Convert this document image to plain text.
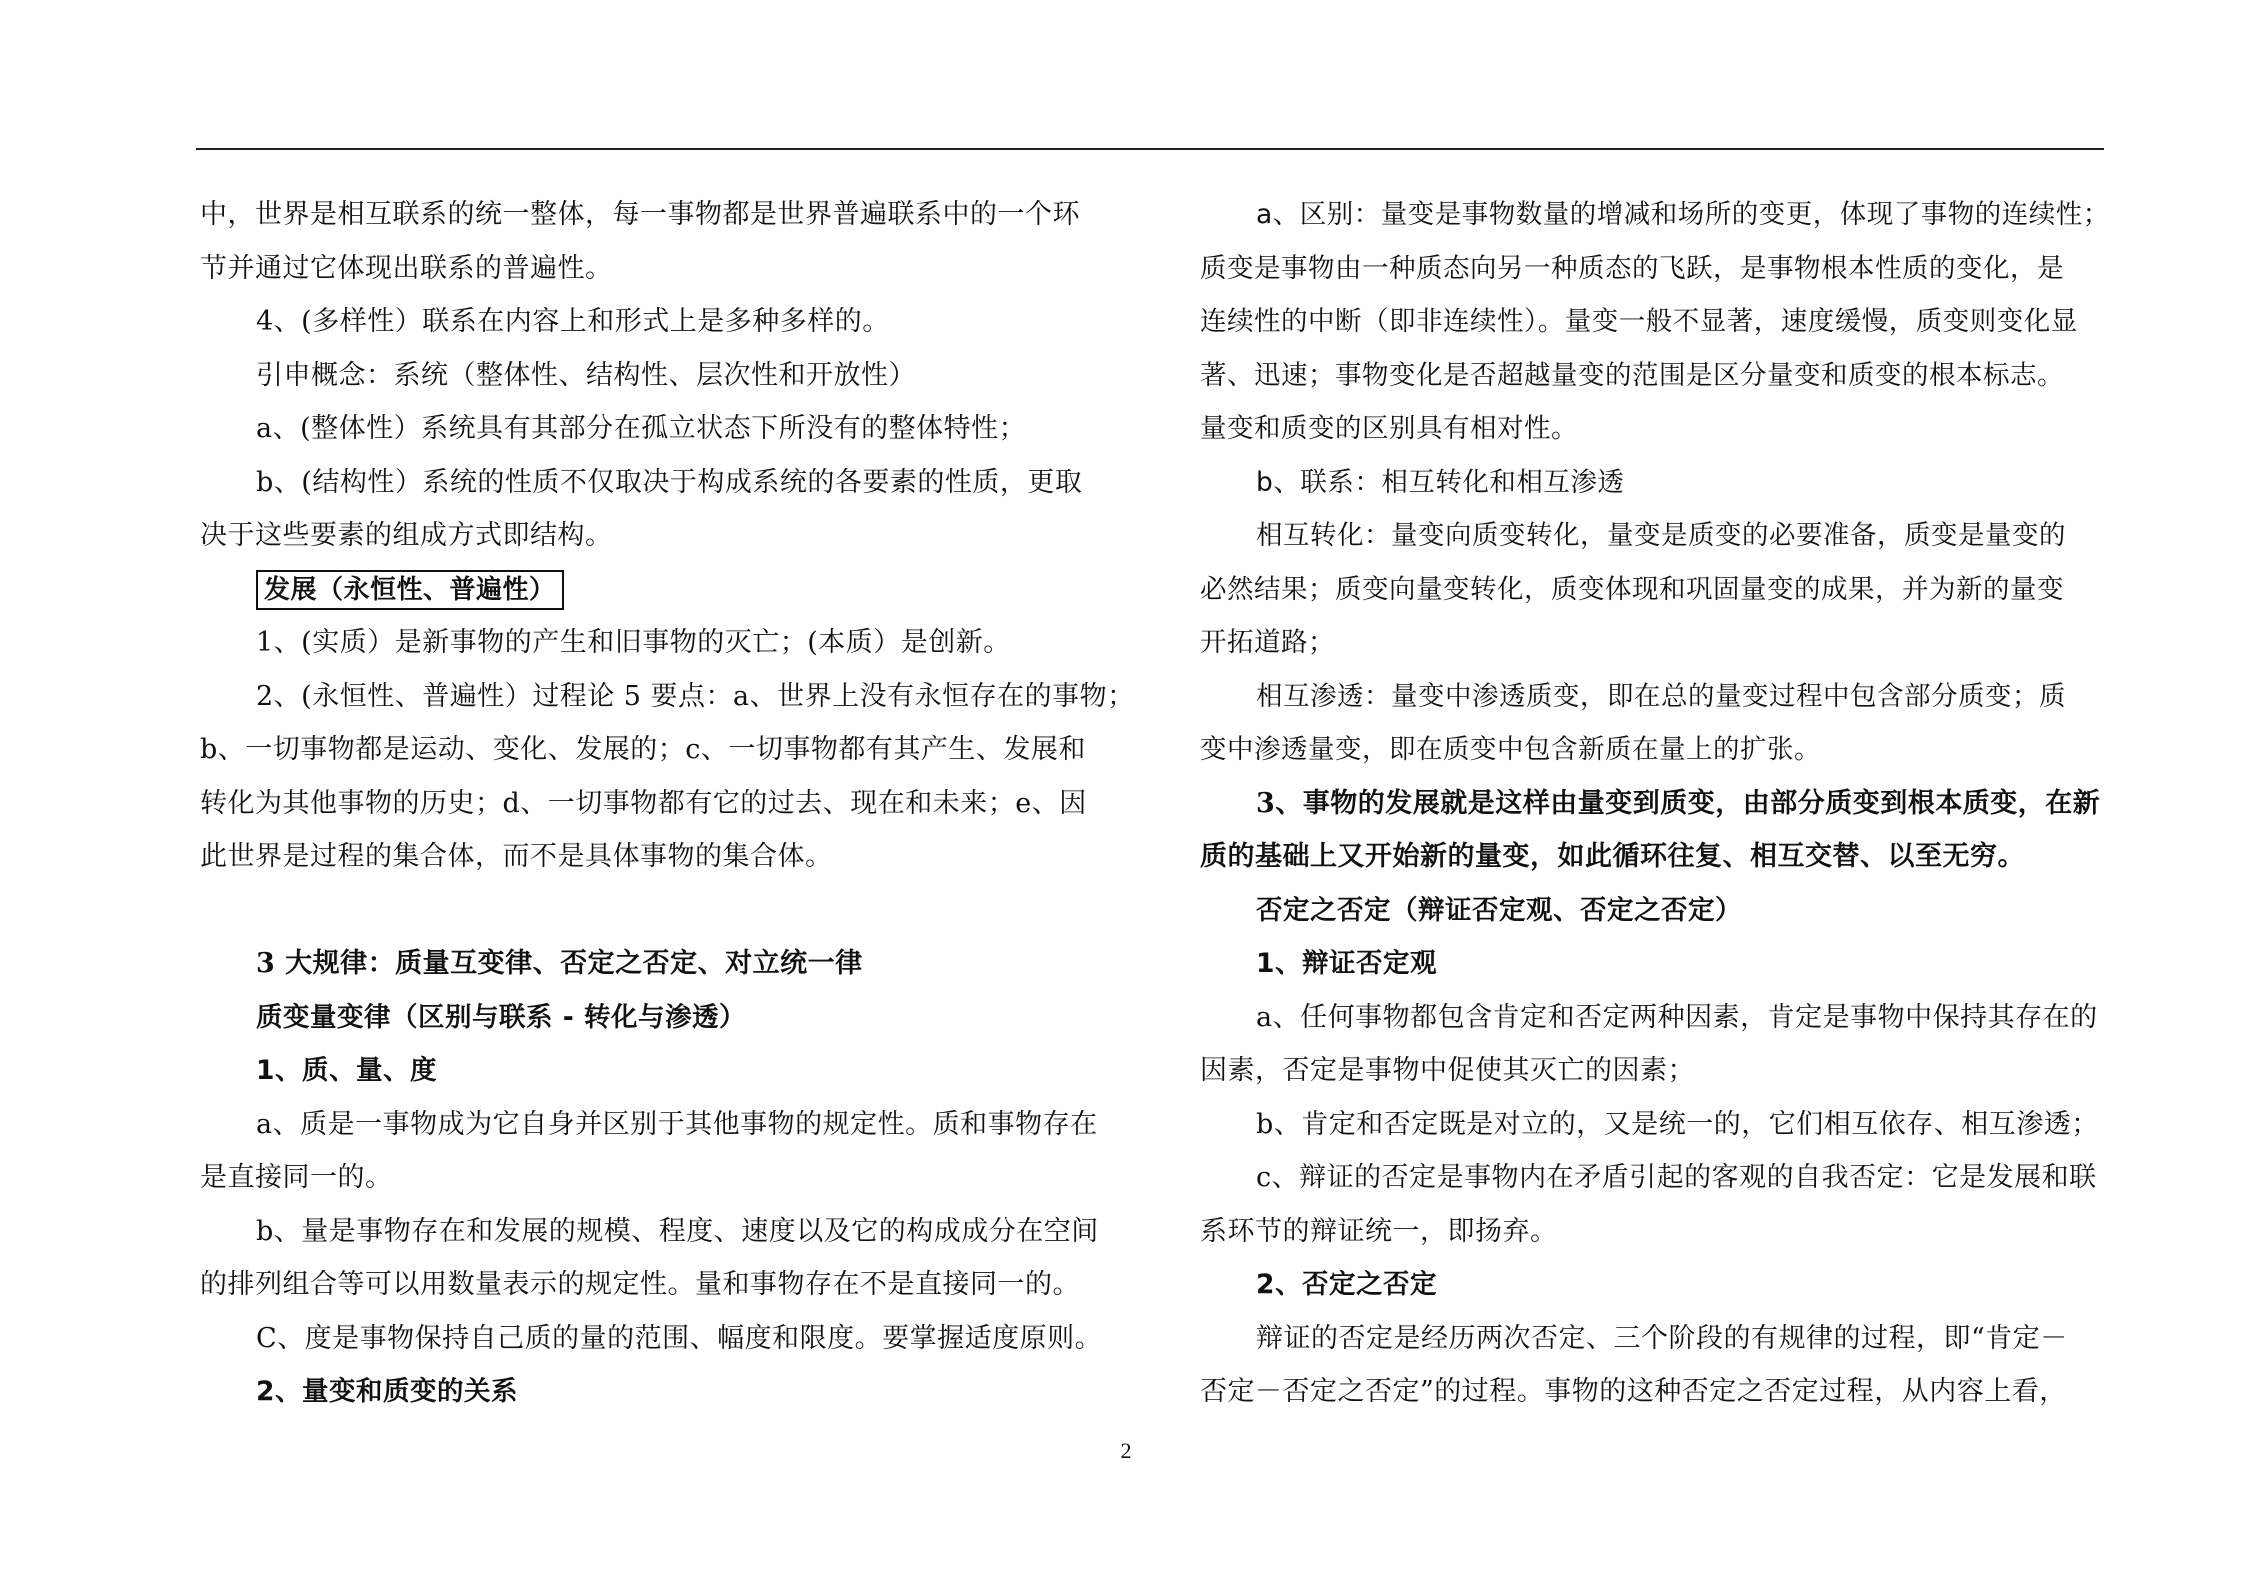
中，世界是相互联系的统一整体，每一事物都是世界普遍联系中的一个环
节并通过它体现出联系的普遍性。
4、(多样性）联系在内容上和形式上是多种多样的。
引申概念：系统（整体性、结构性、层次性和开放性）
a、(整体性）系统具有其部分在孤立状态下所没有的整体特性；
b、(结构性）系统的性质不仅取决于构成系统的各要素的性质，更取
决于这些要素的组成方式即结构。
发展（永恒性、普遍性）
1、(实质）是新事物的产生和旧事物的灭亡；(本质）是创新。
2、(永恒性、普遍性）过程论 5 要点：a、世界上没有永恒存在的事物；
b、一切事物都是运动、变化、发展的；c、一切事物都有其产生、发展和
转化为其他事物的历史；d、一切事物都有它的过去、现在和未来；e、因
此世界是过程的集合体，而不是具体事物的集合体。
3 大规律：质量互变律、否定之否定、对立统一律
质变量变律（区别与联系 - 转化与渗透）
1、质、量、度
a、质是一事物成为它自身并区别于其他事物的规定性。质和事物存在
是直接同一的。
b、量是事物存在和发展的规模、程度、速度以及它的构成成分在空间
的排列组合等可以用数量表示的规定性。量和事物存在不是直接同一的。
C、度是事物保持自己质的量的范围、幅度和限度。要掌握适度原则。
2、量变和质变的关系
a、区别：量变是事物数量的增减和场所的变更，体现了事物的连续性；
质变是事物由一种质态向另一种质态的飞跃，是事物根本性质的变化，是
连续性的中断（即非连续性）。量变一般不显著，速度缓慢，质变则变化显
著、迅速；事物变化是否超越量变的范围是区分量变和质变的根本标志。
量变和质变的区别具有相对性。
b、联系：相互转化和相互渗透
相互转化：量变向质变转化，量变是质变的必要准备，质变是量变的
必然结果；质变向量变转化，质变体现和巩固量变的成果，并为新的量变
开拓道路；
相互渗透：量变中渗透质变，即在总的量变过程中包含部分质变；质
变中渗透量变，即在质变中包含新质在量上的扩张。
3、事物的发展就是这样由量变到质变，由部分质变到根本质变，在新
质的基础上又开始新的量变，如此循环往复、相互交替、以至无穷。
否定之否定（辩证否定观、否定之否定）
1、辩证否定观
a、任何事物都包含肯定和否定两种因素，肯定是事物中保持其存在的
因素，否定是事物中促使其灭亡的因素；
b、肯定和否定既是对立的，又是统一的，它们相互依存、相互渗透；
c、辩证的否定是事物内在矛盾引起的客观的自我否定：它是发展和联
系环节的辩证统一，即扬弃。
2、否定之否定
辩证的否定是经历两次否定、三个阶段的有规律的过程，即“肯定－
否定－否定之否定”的过程。事物的这种否定之否定过程，从内容上看，
2
